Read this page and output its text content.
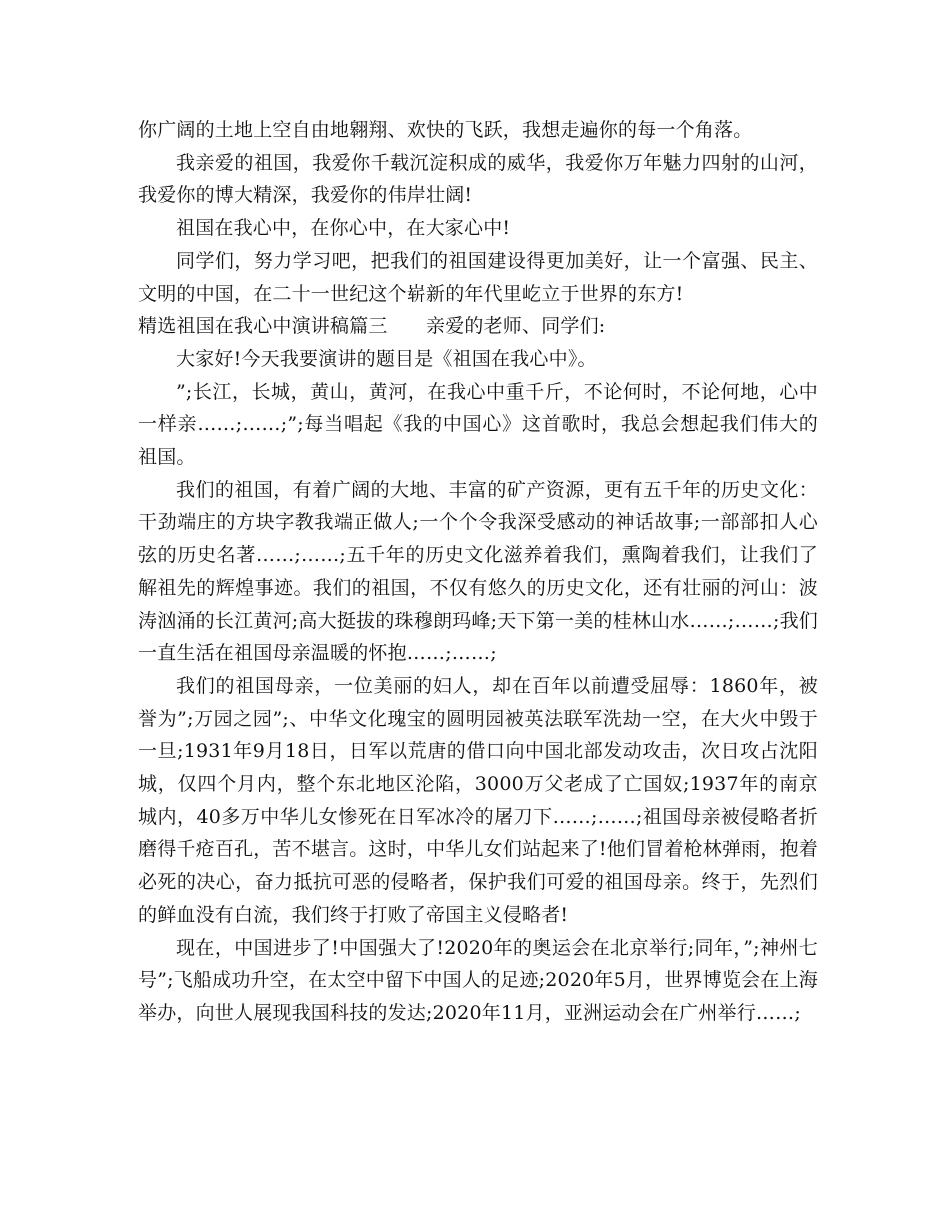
你广阔的土地上空自由地翱翔、欢快的飞跃，我想走遍你的每一个角落。

我亲爱的祖国，我爱你千载沉淀积成的威华，我爱你万年魅力四射的山河，我爱你的博大精深，我爱你的伟岸壮阔!

祖国在我心中，在你心中，在大家心中!

同学们，努力学习吧，把我们的祖国建设得更加美好，让一个富强、民主、文明的中国，在二十一世纪这个崭新的年代里屹立于世界的东方!

精选祖国在我心中演讲稿篇三　　亲爱的老师、同学们:

大家好!今天我要演讲的题目是《祖国在我心中》。

”;长江，长城，黄山，黄河，在我心中重千斤，不论何时，不论何地，心中一样亲……;……;”;每当唱起《我的中国心》这首歌时，我总会想起我们伟大的祖国。

我们的祖国，有着广阔的大地、丰富的矿产资源，更有五千年的历史文化：干劲端庄的方块字教我端正做人;一个个令我深受感动的神话故事;一部部扣人心弦的历史名著……;……;五千年的历史文化滋养着我们，熏陶着我们，让我们了解祖先的辉煌事迹。我们的祖国，不仅有悠久的历史文化，还有壮丽的河山：波涛汹涌的长江黄河;高大挺拔的珠穆朗玛峰;天下第一美的桂林山水……;……;我们一直生活在祖国母亲温暖的怀抱……;……;

我们的祖国母亲，一位美丽的妇人，却在百年以前遭受屈辱：1860年，被誉为”;万园之园”;、中华文化瑰宝的圆明园被英法联军洗劫一空，在大火中毁于一旦;1931年9月18日，日军以荒唐的借口向中国北部发动攻击，次日攻占沈阳城，仅四个月内，整个东北地区沦陷，3000万父老成了亡国奴;1937年的南京城内，40多万中华儿女惨死在日军冰冷的屠刀下……;……;祖国母亲被侵略者折磨得千疮百孔，苦不堪言。这时，中华儿女们站起来了!他们冒着枪林弹雨，抱着必死的决心，奋力抵抗可恶的侵略者，保护我们可爱的祖国母亲。终于，先烈们的鲜血没有白流，我们终于打败了帝国主义侵略者!

现在，中国进步了!中国强大了!2020年的奥运会在北京举行;同年，”;神州七号”;飞船成功升空，在太空中留下中国人的足迹;2020年5月，世界博览会在上海举办，向世人展现我国科技的发达;2020年11月，亚洲运动会在广州举行……;
